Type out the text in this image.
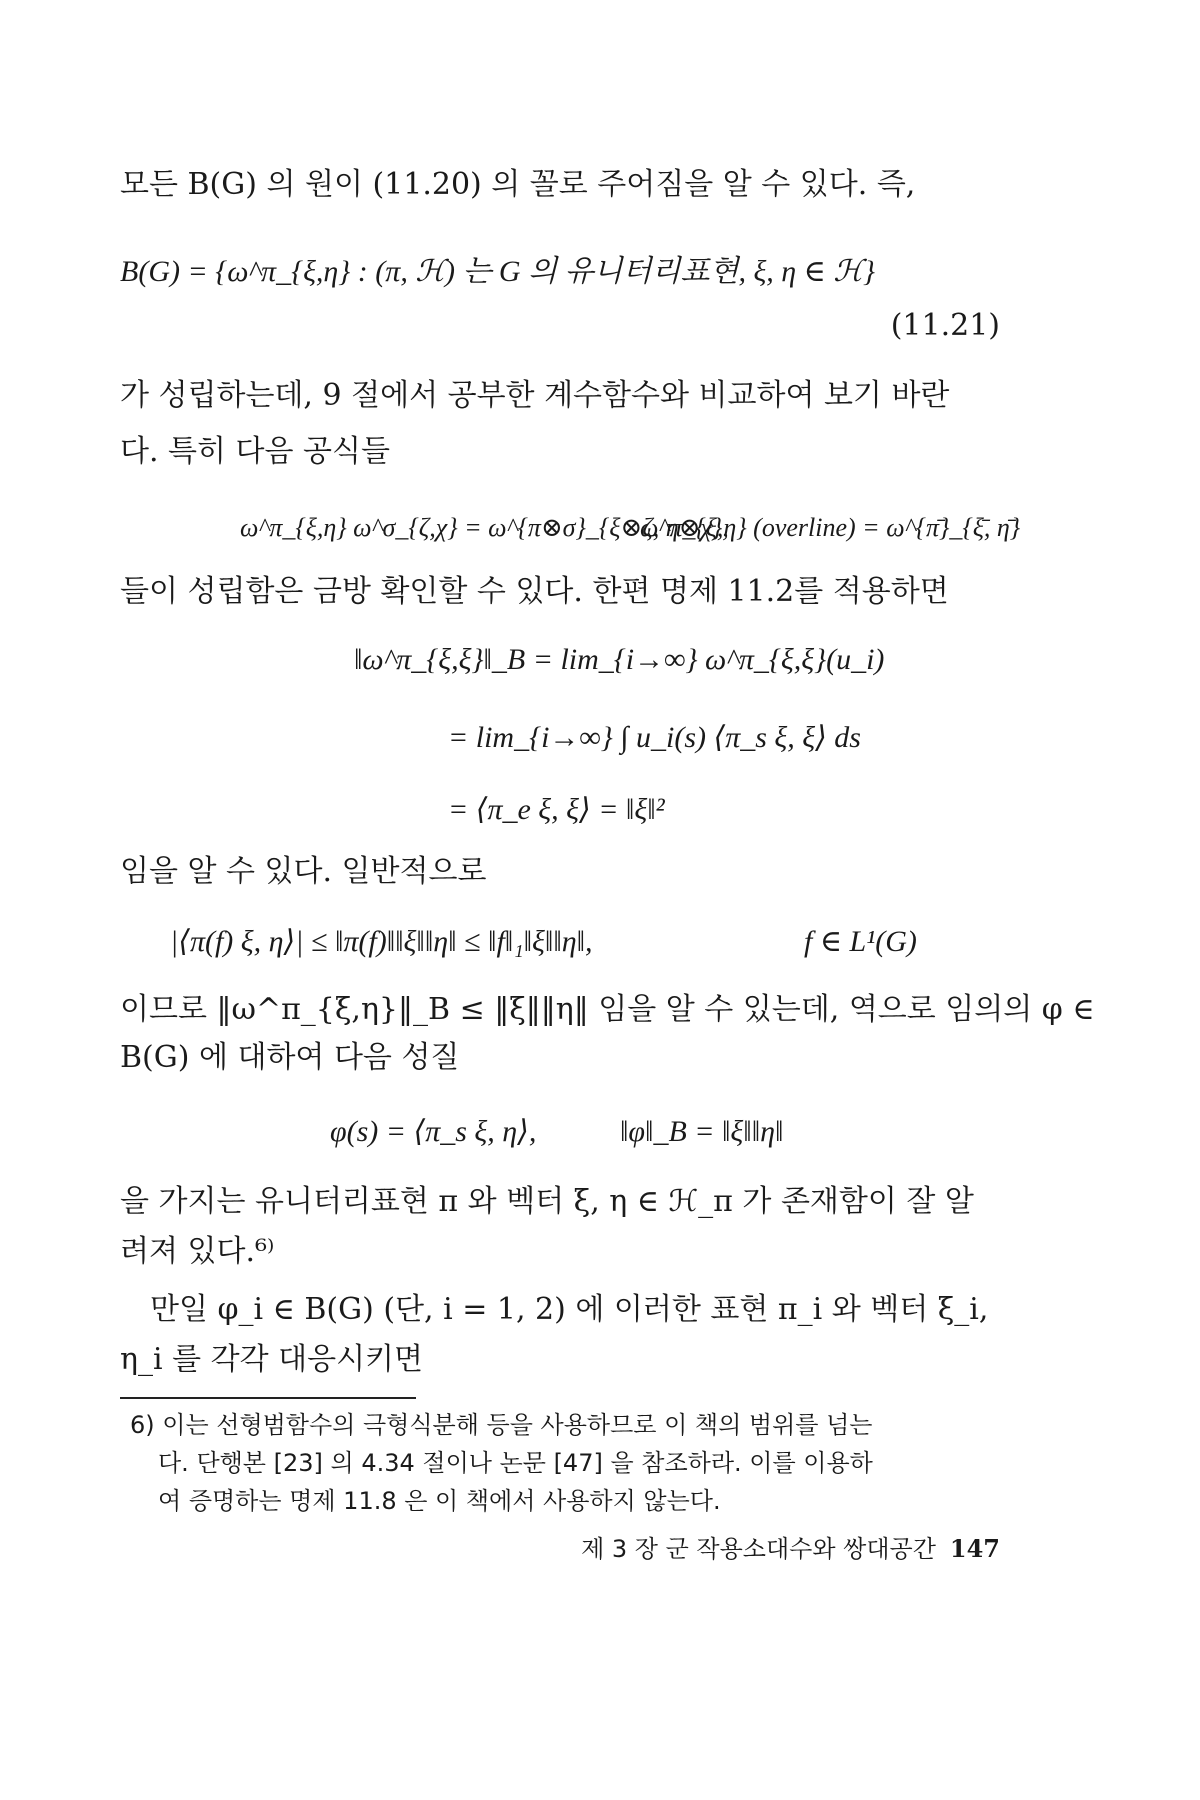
모든 B(G) 의 원이 (11.20) 의 꼴로 주어짐을 알 수 있다. 즉,
B(G) = {ω^π_{ξ,η} : (π, ℋ) 는 G 의 유니터리표현, ξ, η ∈ ℋ}
(11.21)
가 성립하는데, 9 절에서 공부한 계수함수와 비교하여 보기 바란
다. 특히 다음 공식들
ω^π_{ξ,η} ω^σ_{ζ,χ} = ω^{π⊗σ}_{ξ⊗ζ, η⊗χ},
ω^π_{ξ,η} (overline) = ω^{π̄}_{ξ̄, η̄}
들이 성립함은 금방 확인할 수 있다. 한편 명제 11.2를 적용하면
‖ω^π_{ξ,ξ}‖_B = lim_{i→∞} ω^π_{ξ,ξ}(u_i)
= lim_{i→∞} ∫ u_i(s) ⟨π_s ξ, ξ⟩ ds
= ⟨π_e ξ, ξ⟩ = ‖ξ‖²
임을 알 수 있다. 일반적으로
|⟨π(f) ξ, η⟩| ≤ ‖π(f)‖‖ξ‖‖η‖ ≤ ‖f‖₁‖ξ‖‖η‖,	f ∈ L¹(G)
이므로 ‖ω^π_{ξ,η}‖_B ≤ ‖ξ‖‖η‖ 임을 알 수 있는데, 역으로 임의의 φ ∈
B(G) 에 대하여 다음 성질
φ(s) = ⟨π_s ξ, η⟩,	‖φ‖_B = ‖ξ‖‖η‖
을 가지는 유니터리표현 π 와 벡터 ξ, η ∈ ℋ_π 가 존재함이 잘 알
려져 있다.⁶⁾
만일 φ_i ∈ B(G) (단, i = 1, 2) 에 이러한 표현 π_i 와 벡터 ξ_i,
η_i 를 각각 대응시키면
6) 이는 선형범함수의 극형식분해 등을 사용하므로 이 책의 범위를 넘는
다. 단행본 [23] 의 4.34 절이나 논문 [47] 을 참조하라. 이를 이용하
여 증명하는 명제 11.8 은 이 책에서 사용하지 않는다.
제 3 장 군 작용소대수와 쌍대공간 147
